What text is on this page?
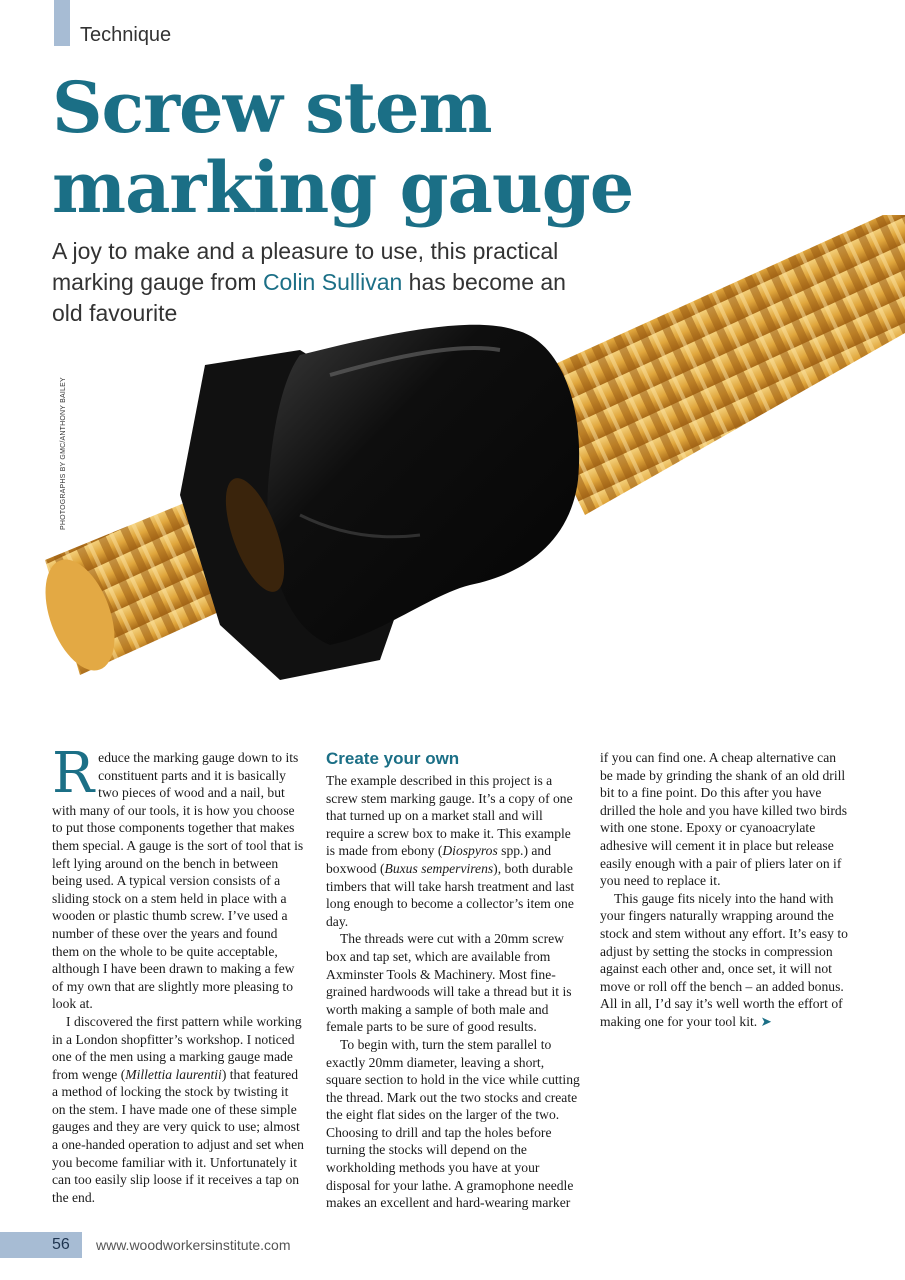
Technique
Screw stem
marking gauge
A joy to make and a pleasure to use, this practical marking gauge from Colin Sullivan has become an old favourite
PHOTOGRAPHS BY GMC/ANTHONY BAILEY

Reduce the marking gauge down to its constituent parts and it is basically two pieces of wood and a nail, but with many of our tools, it is how you choose to put those components together that makes them special. A gauge is the sort of tool that is left lying around on the bench in between being used. A typical version consists of a sliding stock on a stem held in place with a wooden or plastic thumb screw. I’ve used a number of these over the years and found them on the whole to be quite acceptable, although I have been drawn to making a few of my own that are slightly more pleasing to look at.

I discovered the first pattern while working in a London shopfitter’s workshop. I noticed one of the men using a marking gauge made from wenge (Millettia laurentii) that featured a method of locking the stock by twisting it on the stem. I have made one of these simple gauges and they are very quick to use; almost a one-handed operation to adjust and set when you become familiar with it. Unfortunately it can too easily slip loose if it receives a tap on the end.

Create your own

The example described in this project is a screw stem marking gauge. It’s a copy of one that turned up on a market stall and will require a screw box to make it. This example is made from ebony (Diospyros spp.) and boxwood (Buxus sempervirens), both durable timbers that will take harsh treatment and last long enough to become a collector’s item one day.

The threads were cut with a 20mm screw box and tap set, which are available from Axminster Tools & Machinery. Most fine-grained hardwoods will take a thread but it is worth making a sample of both male and female parts to be sure of good results.

To begin with, turn the stem parallel to exactly 20mm diameter, leaving a short, square section to hold in the vice while cutting the thread. Mark out the two stocks and create the eight flat sides on the larger of the two. Choosing to drill and tap the holes before turning the stocks will depend on the workholding methods you have at your disposal for your lathe. A gramophone needle makes an excellent and hard-wearing marker

if you can find one. A cheap alternative can be made by grinding the shank of an old drill bit to a fine point. Do this after you have drilled the hole and you have killed two birds with one stone. Epoxy or cyanoacrylate adhesive will cement it in place but release easily enough with a pair of pliers later on if you need to replace it.

This gauge fits nicely into the hand with your fingers naturally wrapping around the stock and stem without any effort. It’s easy to adjust by setting the stocks in compression against each other and, once set, it will not move or roll off the bench – an added bonus. All in all, I’d say it’s well worth the effort of making one for your tool kit. ➤

56 www.woodworkersinstitute.com
